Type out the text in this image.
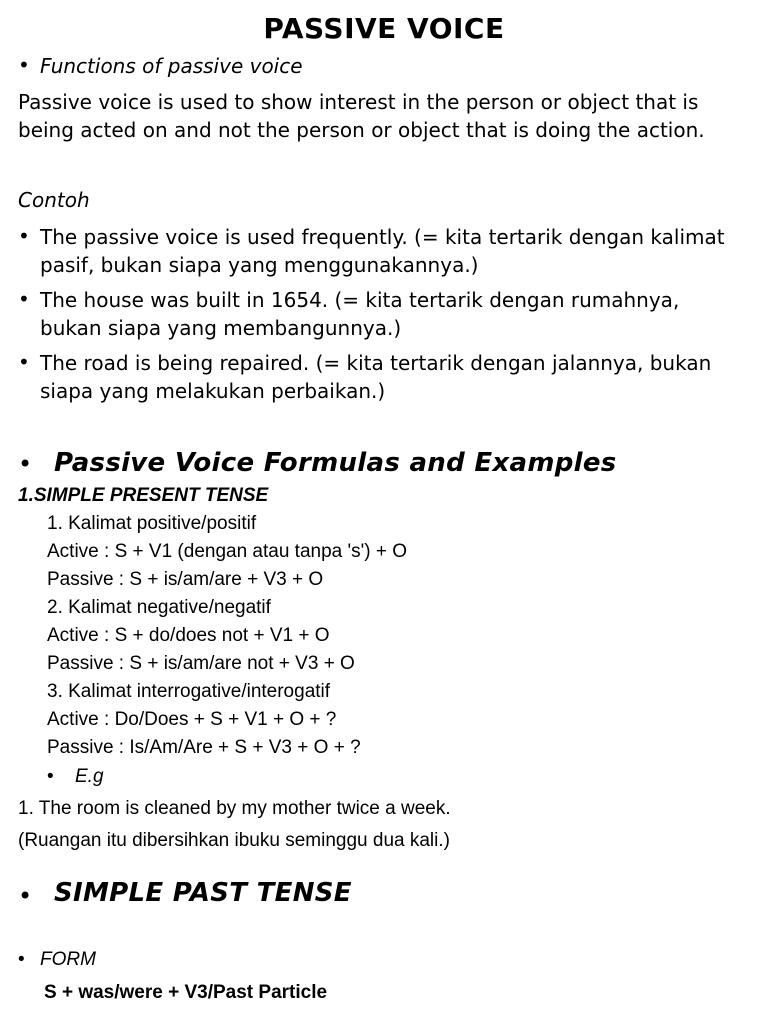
PASSIVE VOICE
• Functions of passive voice
Passive voice is used to show interest in the person or object that is being acted on and not the person or object that is doing the action.
Contoh
• The passive voice is used frequently. (= kita tertarik dengan kalimat pasif, bukan siapa yang menggunakannya.)
• The house was built in 1654. (= kita tertarik dengan rumahnya, bukan siapa yang membangunnya.)
• The road is being repaired. (= kita tertarik dengan jalannya, bukan siapa yang melakukan perbaikan.)
• Passive Voice Formulas and Examples
1.SIMPLE PRESENT TENSE
1. Kalimat positive/positif
Active : S + V1 (dengan atau tanpa 's') + O
Passive : S + is/am/are + V3 + O
2. Kalimat negative/negatif
Active : S + do/does not + V1 + O
Passive : S + is/am/are not + V3 + O
3. Kalimat interrogative/interogatif
Active : Do/Does + S + V1 + O + ?
Passive : Is/Am/Are + S + V3 + O + ?
• E.g
1. The room is cleaned by my mother twice a week.
(Ruangan itu dibersihkan ibuku seminggu dua kali.)
• SIMPLE PAST TENSE
• FORM
S + was/were + V3/Past Particle
